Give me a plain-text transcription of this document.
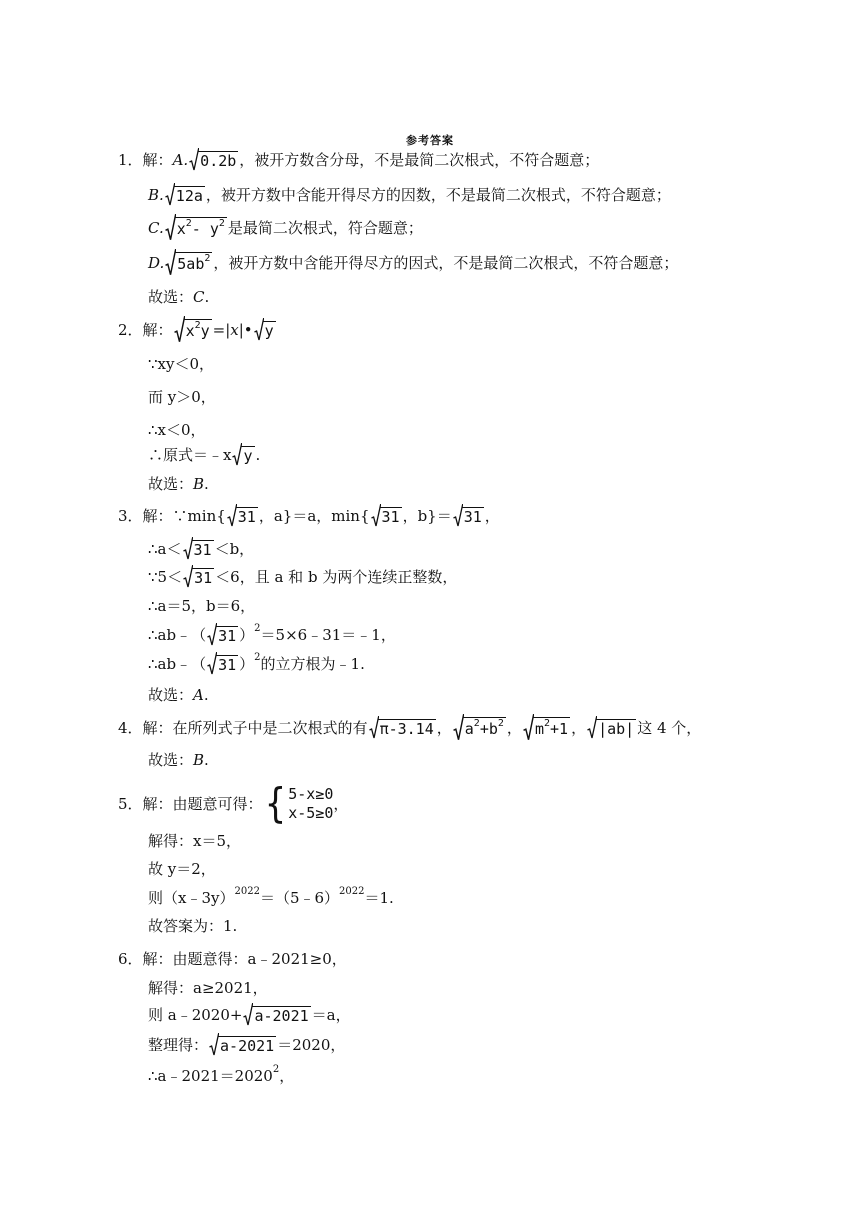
参考答案
1． 解： A. 0.2b ，被开方数含分母，不是最简二次根式，不符合题意；
B. 12a ，被开方数中含能开得尽方的因数，不是最简二次根式，不符合题意；
C. $x^2-$ $y^2$ 是最简二次根式，符合题意；
D. $5ab^2$ ，被开方数中含能开得尽方的因式，不是最简二次根式，不符合题意；
故选： C .
2． 解： $x^2y$ =|x|• y
∵xy＜0，
而 y＞0，
∴x＜0，
∴原式＝﹣x y .
故选： B .
3． 解：∵min{ 31 ，a}＝a，min{ 31 ，b}＝ 31 ，
∴a＜ 31 ＜b，
∵5＜ 31 ＜6，且 a 和 b 为两个连续正整数，
∴a＝5，b＝6，
∴ab﹣（ 31 ） 2 ＝5×6﹣31＝﹣1，
∴ab﹣（ 31 ） 2 的立方根为﹣1.
故选： A .
4． 解：在所列式子中是二次根式的有 π-3.14 ， $a^2+b^2$ ， $m^2+1$ ， |ab| 这 4 个，
故选： B .
5． 解：由题意可得： { 5-x≥0
x-5≥0 ，
解得：x＝5，
故 y＝2，
则（x﹣3y） 2022 ＝（5﹣6） 2022 ＝1.
故答案为：1.
6． 解：由题意得：a﹣2021≥0，
解得：a≥2021，
则 a﹣2020+ a-2021 ＝a，
整理得： a-2021 ＝2020，
∴a﹣2021＝2020 2 ，
